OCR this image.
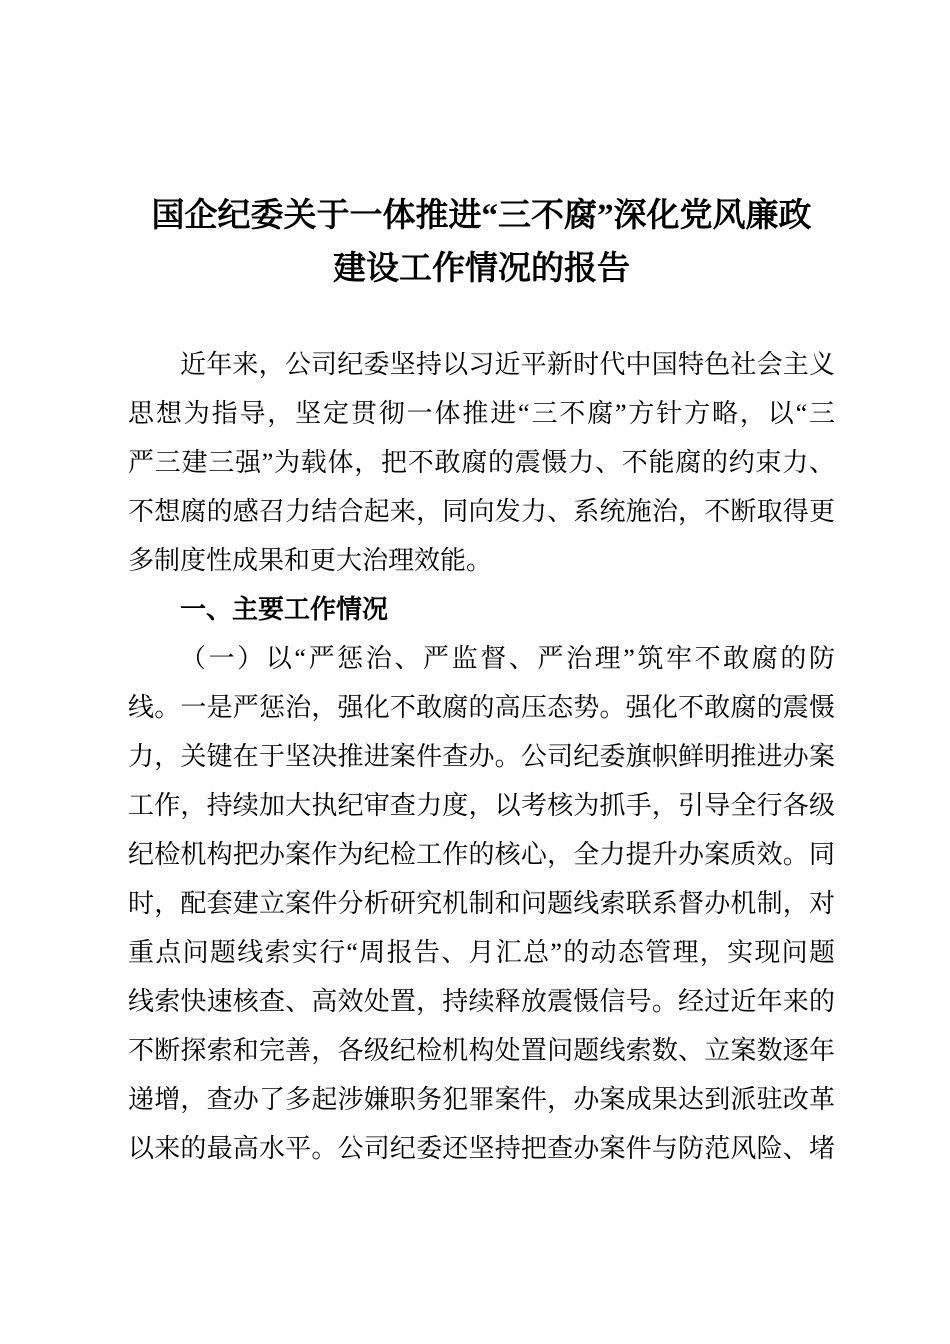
国企纪委关于一体推进“三不腐”深化党风廉政
建设工作情况的报告
近年来，公司纪委坚持以习近平新时代中国特色社会主义
思想为指导，坚定贯彻一体推进“三不腐”方针方略，以“三
严三建三强”为载体，把不敢腐的震慑力、不能腐的约束力、
不想腐的感召力结合起来，同向发力、系统施治，不断取得更
多制度性成果和更大治理效能。
一、主要工作情况
（一）以“严惩治、严监督、严治理”筑牢不敢腐的防
线。一是严惩治，强化不敢腐的高压态势。强化不敢腐的震慑
力，关键在于坚决推进案件查办。公司纪委旗帜鲜明推进办案
工作，持续加大执纪审查力度，以考核为抓手，引导全行各级
纪检机构把办案作为纪检工作的核心，全力提升办案质效。同
时，配套建立案件分析研究机制和问题线索联系督办机制，对
重点问题线索实行“周报告、月汇总”的动态管理，实现问题
线索快速核查、高效处置，持续释放震慑信号。经过近年来的
不断探索和完善，各级纪检机构处置问题线索数、立案数逐年
递增，查办了多起涉嫌职务犯罪案件，办案成果达到派驻改革
以来的最高水平。公司纪委还坚持把查办案件与防范风险、堵
